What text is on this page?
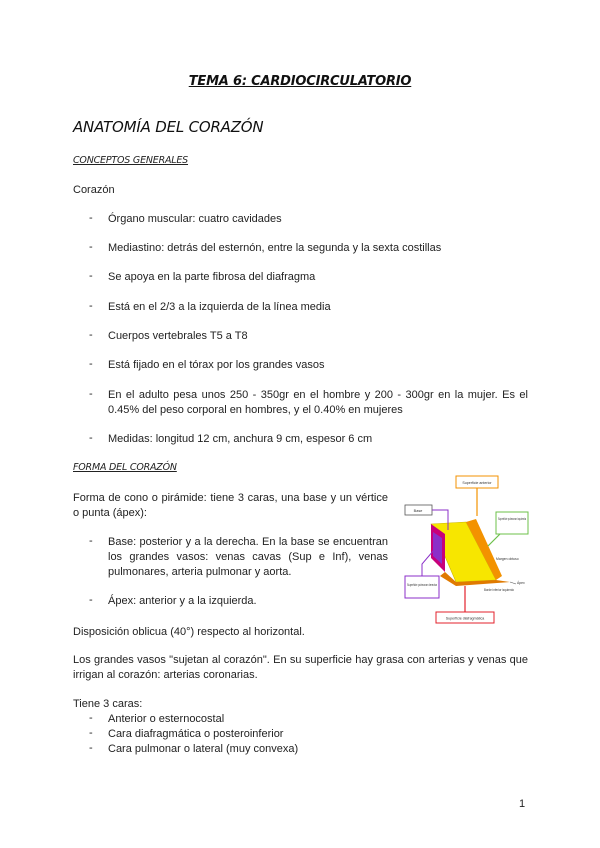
TEMA 6: CARDIOCIRCULATORIO
ANATOMÍA DEL CORAZÓN
CONCEPTOS GENERALES
Corazón
- Órgano muscular: cuatro cavidades
- Mediastino: detrás del esternón, entre la segunda y la sexta costillas
- Se apoya en la parte fibrosa del diafragma
- Está en el 2/3 a la izquierda de la línea media
- Cuerpos vertebrales T5 a T8
- Está fijado en el tórax por los grandes vasos
- En el adulto pesa unos 250 - 350gr en el hombre y 200 - 300gr en la mujer. Es el 0.45% del peso corporal en hombres, y el 0.40% en mujeres
- Medidas: longitud 12 cm, anchura 9 cm, espesor 6 cm
FORMA DEL CORAZÓN
Forma de cono o pirámide: tiene 3 caras, una base y un vértice o punta (ápex):
- Base: posterior y a la derecha. En la base se encuentran los grandes vasos: venas cavas (Sup e Inf), venas pulmonares, arteria pulmonar y aorta.
- Ápex: anterior y a la izquierda.
Disposición oblicua (40°) respecto al horizontal.
Los grandes vasos "sujetan al corazón". En su superficie hay grasa con arterias y venas que irrigan al corazón: arterias coronarias.
Tiene 3 caras:
- Anterior o esternocostal
- Cara diafragmática o posteroinferior
- Cara pulmonar o lateral (muy convexa)
Superficie anterior
Base
Superficie pulmonar izquierda
Superficie pulmonar derecha
Superficie diafragmática
Margen obtuso
Ápex
Borde inferior izquierdo
1
